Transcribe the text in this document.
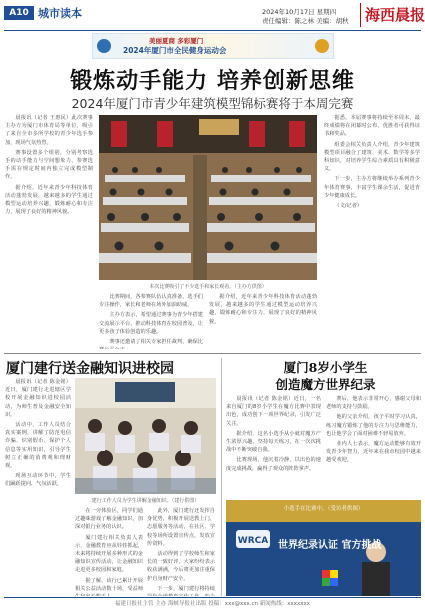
A10 城市读本	2024年10月17日 星期四
责任编辑：陈之林 美编：胡秋	海西晨报
美丽夏商 多彩厦门
2024年厦门市全民健身运动会
锻炼动手能力 培养创新思维
2024年厦门市青少年建筑模型锦标赛将于本周完赛

晨报讯（记者 王惠民）此次赛事主办方为厦门市体育局等单位，吸引了来自全市多所学校的青少年选手参加，现场气氛热烈。

赛事设置多个组别，分别考察选手的动手能力与空间想象力，参赛选手需在规定时间内独立完成模型制作。

据介绍，近年来青少年科技体育活动蓬勃发展，越来越多的学生通过模型运动培养兴趣，锻炼耐心和专注力，展现了良好的精神风貌。

本次比赛吸引了不少选手和家长观看。（主办方供图）

比赛期间，各参赛队伍认真准备，选手们专注操作，家长和老师在场外加油助威。

主办方表示，希望通过赛事为青少年搭建交流展示平台，推动科技体育在校园普及，让更多孩子体验创造的乐趣。

赛事还邀请了相关专家担任裁判，确保比

据介绍，近年来青少年科技体育活动蓬勃发展，越来越多的学生通过模型运动培养兴趣，锻炼耐心和专注力，展现了良好的精神风貌。

据悉，本届赛事将持续至本周末，最终成绩将在闭幕时公布，优胜者可获得证书和奖品。

组委会相关负责人介绍，青少年建筑模型项目融合了建筑、美术、数学等多学科知识，对培养学生综合素质具有积极意义。

下一步，主办方将继续举办系列青少年体育赛事，丰富学生课余生活，促进青少年健康成长。

（文/记者）

厦门建行送金融知识进校园

晨报讯（记者 陈金铭）近日，厦门建行走进辖区学校开展金融知识进校园活动，为师生普及金融安全知识。

活动中，工作人员结合真实案例，讲解了防范电信诈骗、识别假币、保护个人信息等实用知识，引导学生树立正确的消费观和理财观。

现场互动环节中，学生们踊跃提问，气氛活跃。

建行工作人员为学生讲解金融知识。（建行供图）

在一旁体验区，同学们通过趣味游戏了解金融知识，加深对银行业务的认识。

厦门建行相关负责人表示，金融教育应从娃娃抓起，未来将持续开展多种形式的金融知识宣传活动，让金融知识走进更多校园和家庭。

据了解，该行已累计开展相关公益活动数十场，受益师

此外，厦门建行还发挥自身优势，积极开展送教上门、志愿服务等活动，在社区、学校等场所设置宣传点，发放宣传资料。

活动得到了学校师生和家长的一致好评，大家纷纷表示收获满满，今后将更加注重保护自身财产安全。

下一步，厦门建行将持续

厦门8岁小学生
创造魔方世界纪录

晨报讯（记者 陈金铭）近日，一名来自厦门的8岁小学生在魔方比赛中表现出色，成功创下一项世界纪录，引发广泛关注。

据介绍，这名小选手从小就对魔方产生浓厚兴趣，坚持每天练习，在一次次挑战中不断突破自我。

比赛现场，他沉着冷静，以出色的速度完成挑战，赢得了观众的阵阵掌声。

赛后，他表示非常开心，感谢父母和老师的支持与鼓励。

他的父亲介绍，孩子平时学习认真，练习魔方锻炼了他的专注力与思维能力，也让他学会了面对困难不轻易放弃。

业内人士表示，魔方运动能够有效开发青少年智力，近年来在我市校园中越来越受欢迎。

WRCA 世界纪录认证 官方挑战
小选手在比赛中。（受访者供图）
福建日报社主管 主办 海峡导报社出版 投稿：xxx@xxx.cn 新闻热线：xxxxxxx
